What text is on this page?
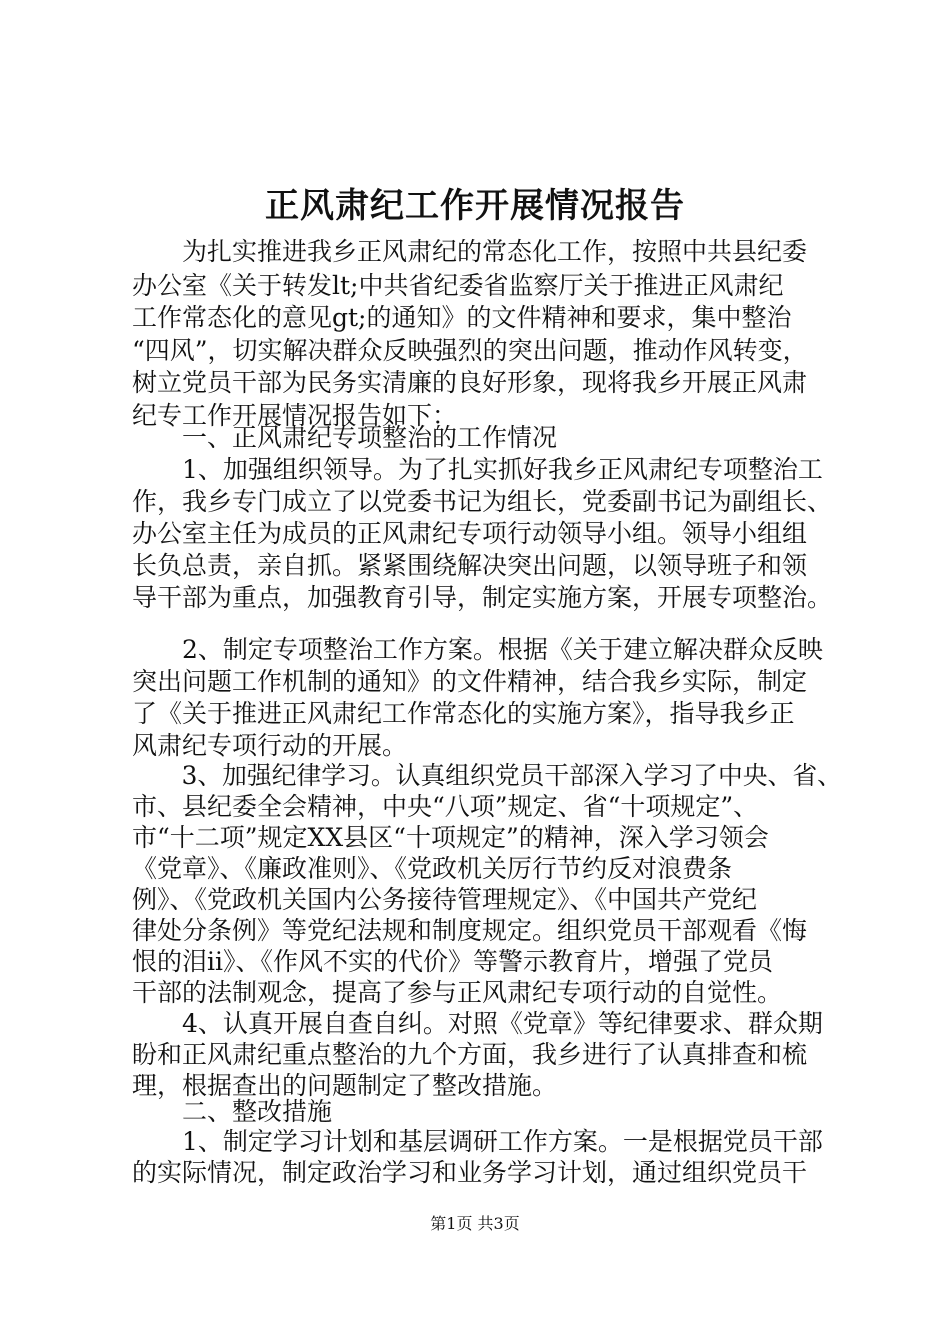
正风肃纪工作开展情况报告
　　为扎实推进我乡正风肃纪的常态化工作，按照中共县纪委
办公室《关于转发lt;中共省纪委省监察厅关于推进正风肃纪
工作常态化的意见gt;的通知》的文件精神和要求，集中整治
“四风”，切实解决群众反映强烈的突出问题，推动作风转变，
树立党员干部为民务实清廉的良好形象，现将我乡开展正风肃
纪专工作开展情况报告如下：
　　一、正风肃纪专项整治的工作情况
　　1、加强组织领导。为了扎实抓好我乡正风肃纪专项整治工
作，我乡专门成立了以党委书记为组长，党委副书记为副组长、
办公室主任为成员的正风肃纪专项行动领导小组。领导小组组
长负总责，亲自抓。紧紧围绕解决突出问题，以领导班子和领
导干部为重点，加强教育引导，制定实施方案，开展专项整治。
　　2、制定专项整治工作方案。根据《关于建立解决群众反映
突出问题工作机制的通知》的文件精神，结合我乡实际，制定
了《关于推进正风肃纪工作常态化的实施方案》，指导我乡正
风肃纪专项行动的开展。
　　3、加强纪律学习。认真组织党员干部深入学习了中央、省、
市、县纪委全会精神，中央“八项”规定、省“十项规定”、
市“十二项”规定XX县区“十项规定”的精神，深入学习领会
《党章》、《廉政准则》、《党政机关厉行节约反对浪费条
例》、《党政机关国内公务接待管理规定》、《中国共产党纪
律处分条例》等党纪法规和制度规定。组织党员干部观看《悔
恨的泪ii》、《作风不实的代价》等警示教育片，增强了党员
干部的法制观念，提高了参与正风肃纪专项行动的自觉性。
　　4、认真开展自查自纠。对照《党章》等纪律要求、群众期
盼和正风肃纪重点整治的九个方面，我乡进行了认真排查和梳
理，根据查出的问题制定了整改措施。
　　二、整改措施
　　1、制定学习计划和基层调研工作方案。一是根据党员干部
的实际情况，制定政治学习和业务学习计划，通过组织党员干
第1页 共3页
